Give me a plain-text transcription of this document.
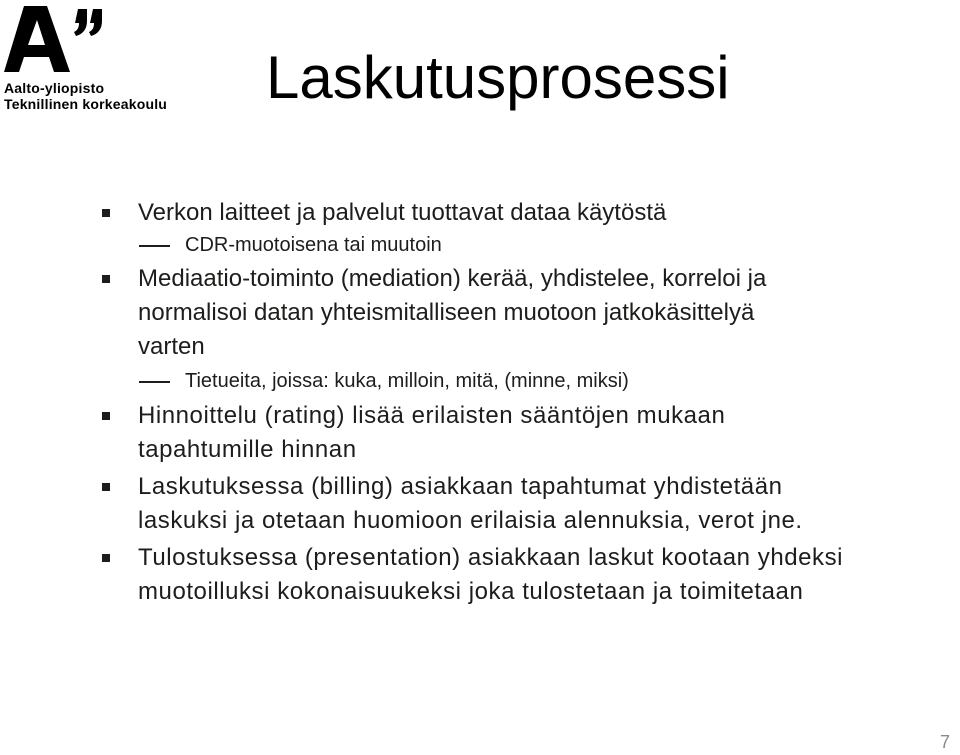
Aalto-yliopisto
Teknillinen korkeakoulu Laskutusprosessi
Verkon laitteet ja palvelut tuottavat dataa käytöstä
CDR-muotoisena tai muutoin
Mediaatio-toiminto (mediation) kerää, yhdistelee, korreloi ja
normalisoi datan yhteismitalliseen muotoon jatkokäsittelyä
varten
Tietueita, joissa: kuka, milloin, mitä, (minne, miksi)
Hinnoittelu (rating) lisää erilaisten sääntöjen mukaan
tapahtumille hinnan
Laskutuksessa (billing) asiakkaan tapahtumat yhdistetään
laskuksi ja otetaan huomioon erilaisia alennuksia, verot jne.
Tulostuksessa (presentation) asiakkaan laskut kootaan yhdeksi
muotoilluksi kokonaisuukeksi joka tulostetaan ja toimitetaan
7
